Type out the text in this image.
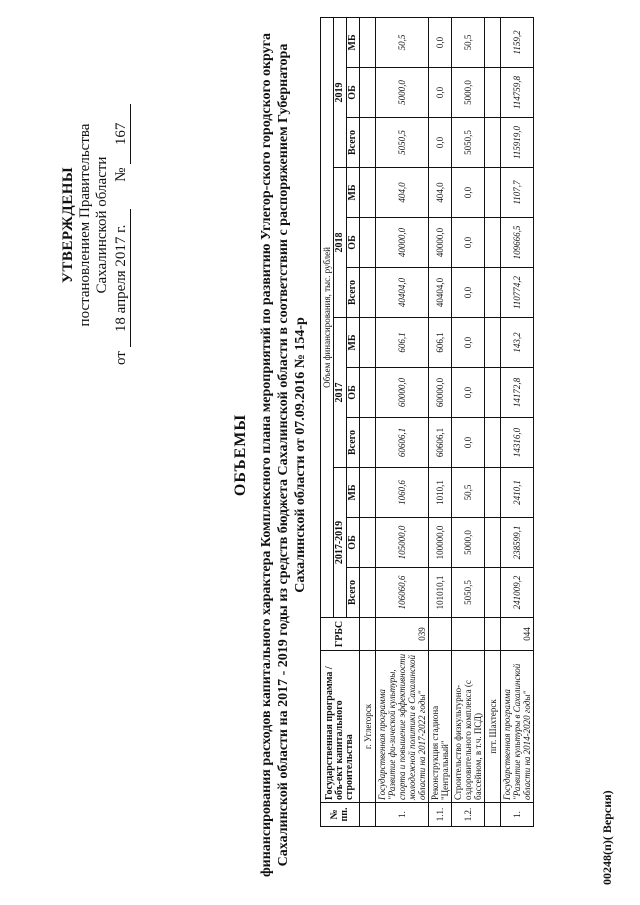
УТВЕРЖДЕНЫ постановлением Правительства Сахалинской области
от 18 апреля 2017 г.  № 167
ОБЪЕМЫ финансирования расходов капитального характера Комплексного плана мероприятий по развитию Углегор-ского городского округа Сахалинской области на 2017 - 2019 годы из средств бюджета Сахалинской области в соответствии с распоряжением Губернатора Сахалинской области от 07.09.2016 № 154-р
№ пп.	Государственная программа / объ-ект капитального строительства	ГРБС	Объем финансирования, тыс. рублей											
			2017-2019			2017			2018			2019		
			Всего	ОБ	МБ	Всего	ОБ	МБ	Всего	ОБ	МБ	Всего	ОБ	МБ
	г. Углегорск													
1.	Государственная программа "Развитие фи-зической культуры, спорта и повышение эффективности молодежной политики в Сахалинской области на 2017-2022 годы"	039	106060,6	105000,0	1060,6	60606,1	60000,0	606,1	40404,0	40000,0	404,0	5050,5	5000,0	50,5
1.1.	Реконструкция стадиона "Центральный"		101010,1	100000,0	1010,1	60606,1	60000,0	606,1	40404,0	40000,0	404,0	0,0	0,0	0,0
1.2.	Строительство физкультурно-оздоровительного комплекса (с бассейном, в т.ч. ПСД)		5050,5	5000,0	50,5	0,0	0,0	0,0	0,0	0,0	0,0	5050,5	5000,0	50,5
	пгт. Шахтерск													
1.	Государственная программа "Развитие культуры в Сахалинской области на 2014-2020 годы"	044	241009,2	238599,1	2410,1	14316,0	14172,8	143,2	110774,2	109666,5	1107,7	115919,0	114759,8	1159,2
00248(п)( Версия)
